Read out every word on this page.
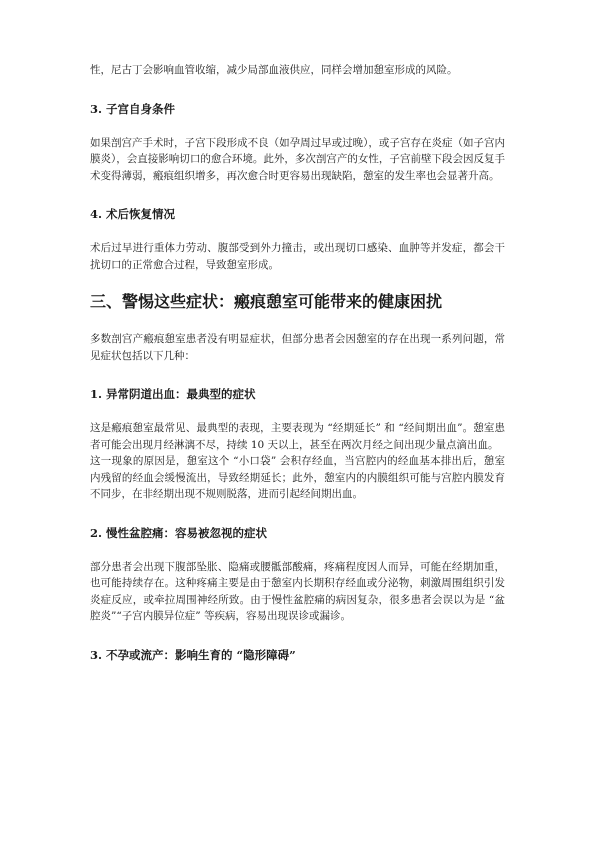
性，尼古丁会影响血管收缩，减少局部血液供应，同样会增加憩室形成的风险。

3. 子宫自身条件

如果剖宫产手术时，子宫下段形成不良（如孕周过早或过晚），或子宫存在炎症（如子宫内膜炎），会直接影响切口的愈合环境。此外，多次剖宫产的女性，子宫前壁下段会因反复手术变得薄弱，瘢痕组织增多，再次愈合时更容易出现缺陷，憩室的发生率也会显著升高。

4. 术后恢复情况

术后过早进行重体力劳动、腹部受到外力撞击，或出现切口感染、血肿等并发症，都会干扰切口的正常愈合过程，导致憩室形成。

三、警惕这些症状：瘢痕憩室可能带来的健康困扰

多数剖宫产瘢痕憩室患者没有明显症状，但部分患者会因憩室的存在出现一系列问题，常见症状包括以下几种：

1. 异常阴道出血：最典型的症状

这是瘢痕憩室最常见、最典型的表现，主要表现为 “经期延长” 和 “经间期出血”。憩室患者可能会出现月经淋漓不尽，持续 10 天以上，甚至在两次月经之间出现少量点滴出血。

这一现象的原因是，憩室这个 “小口袋” 会积存经血，当宫腔内的经血基本排出后，憩室内残留的经血会缓慢流出，导致经期延长；此外，憩室内的内膜组织可能与宫腔内膜发育不同步，在非经期出现不规则脱落，进而引起经间期出血。

2. 慢性盆腔痛：容易被忽视的症状

部分患者会出现下腹部坠胀、隐痛或腰骶部酸痛，疼痛程度因人而异，可能在经期加重，也可能持续存在。这种疼痛主要是由于憩室内长期积存经血或分泌物，刺激周围组织引发炎症反应，或牵拉周围神经所致。由于慢性盆腔痛的病因复杂，很多患者会误以为是 “盆腔炎”“子宫内膜异位症” 等疾病，容易出现误诊或漏诊。

3. 不孕或流产：影响生育的 “隐形障碍”
